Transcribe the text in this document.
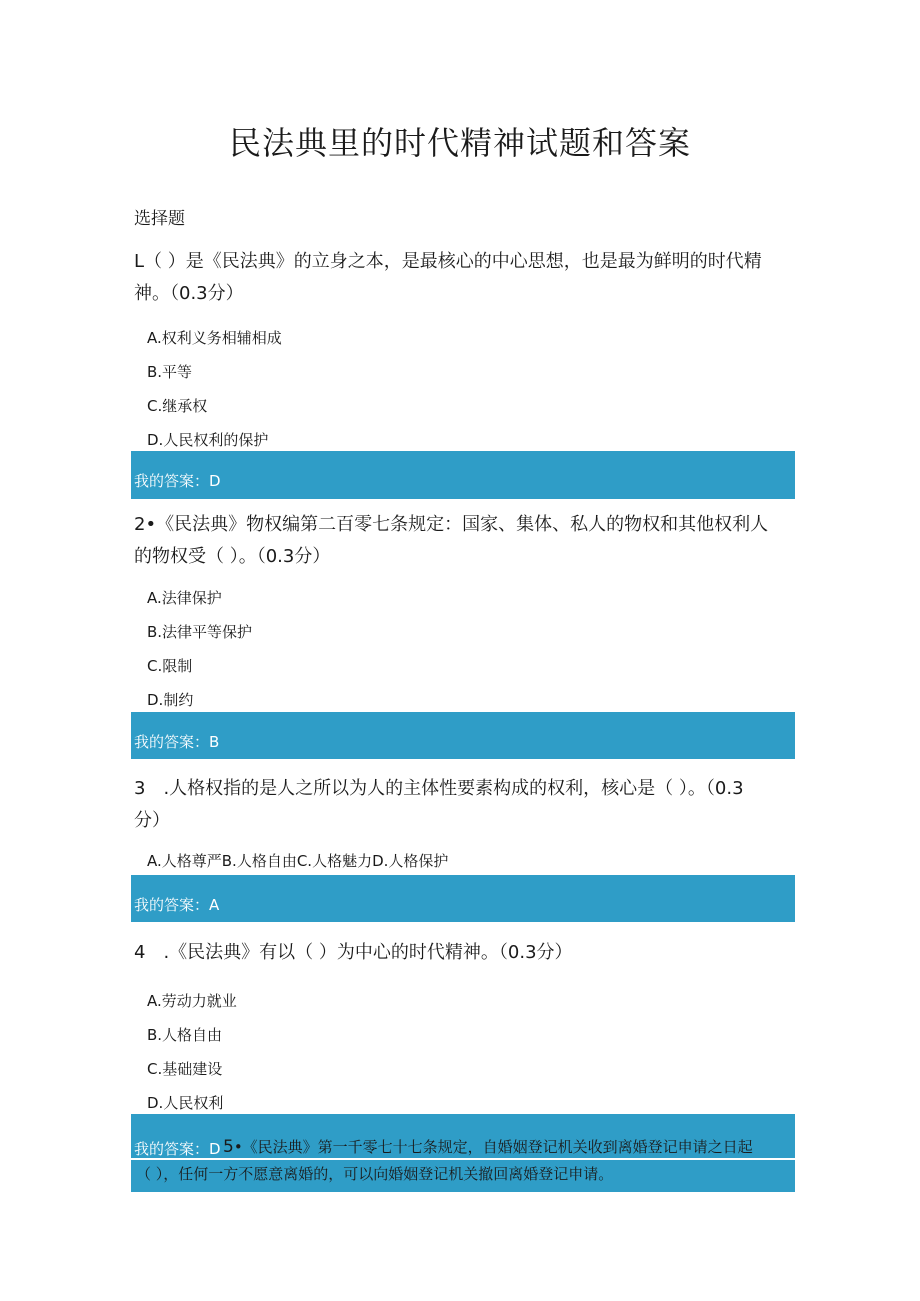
民法典里的时代精神试题和答案
选择题
L（ ）是《民法典》的立身之本，是最核心的中心思想，也是最为鲜明的时代精
神。（0.3分）
A.权利义务相辅相成
B.平等
C.继承权
D.人民权利的保护
我的答案：D
2•《民法典》物权编第二百零七条规定：国家、集体、私人的物权和其他权利人
的物权受（ ）。（0.3分）
A.法律保护
B.法律平等保护
C.限制
D.制约
我的答案：B
3　.人格权指的是人之所以为人的主体性要素构成的权利，核心是（ ）。（0.3
分）
A.人格尊严B.人格自由C.人格魅力D.人格保护
我的答案：A
4　.《民法典》有以（ ）为中心的时代精神。（0.3分）
A.劳动力就业
B.人格自由
C.基础建设
D.人民权利
我的答案：D 5•《民法典》第一千零七十七条规定，自婚姻登记机关收到离婚登记申请之日起
（ ），任何一方不愿意离婚的，可以向婚姻登记机关撤回离婚登记申请。
